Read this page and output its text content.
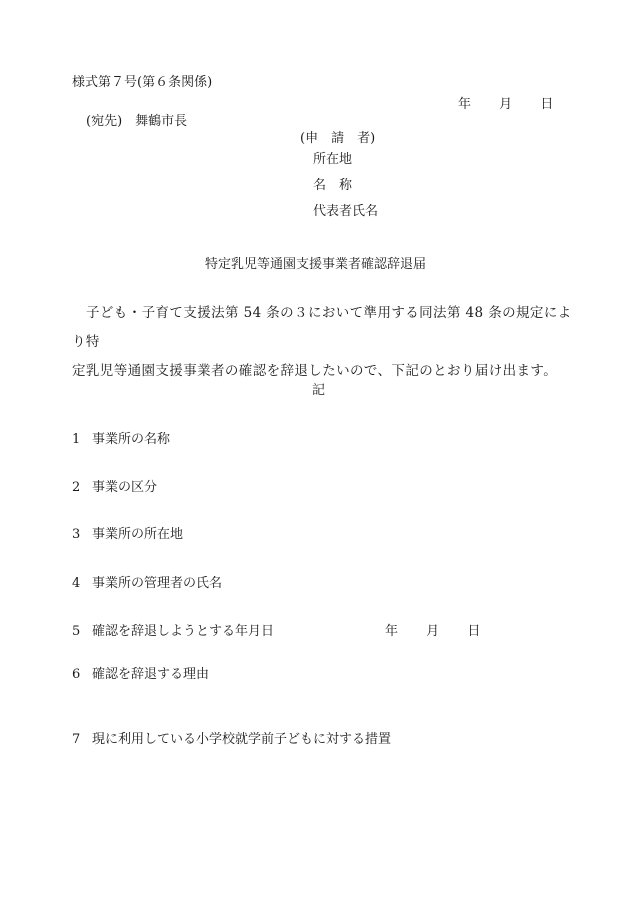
様式第７号(第６条関係)
年 月 日
(宛先)　舞鶴市長
(申　請　者)
所在地
名　称
代表者氏名
特定乳児等通園支援事業者確認辞退届
子ども・子育て支援法第 54 条の３において準用する同法第 48 条の規定により特
定乳児等通園支援事業者の確認を辞退したいので、下記のとおり届け出ます。
記
1 事業所の名称
2 事業の区分
3 事業所の所在地
4 事業所の管理者の氏名
5 確認を辞退しようとする年月日	年 月 日
6 確認を辞退する理由
7 現に利用している小学校就学前子どもに対する措置
